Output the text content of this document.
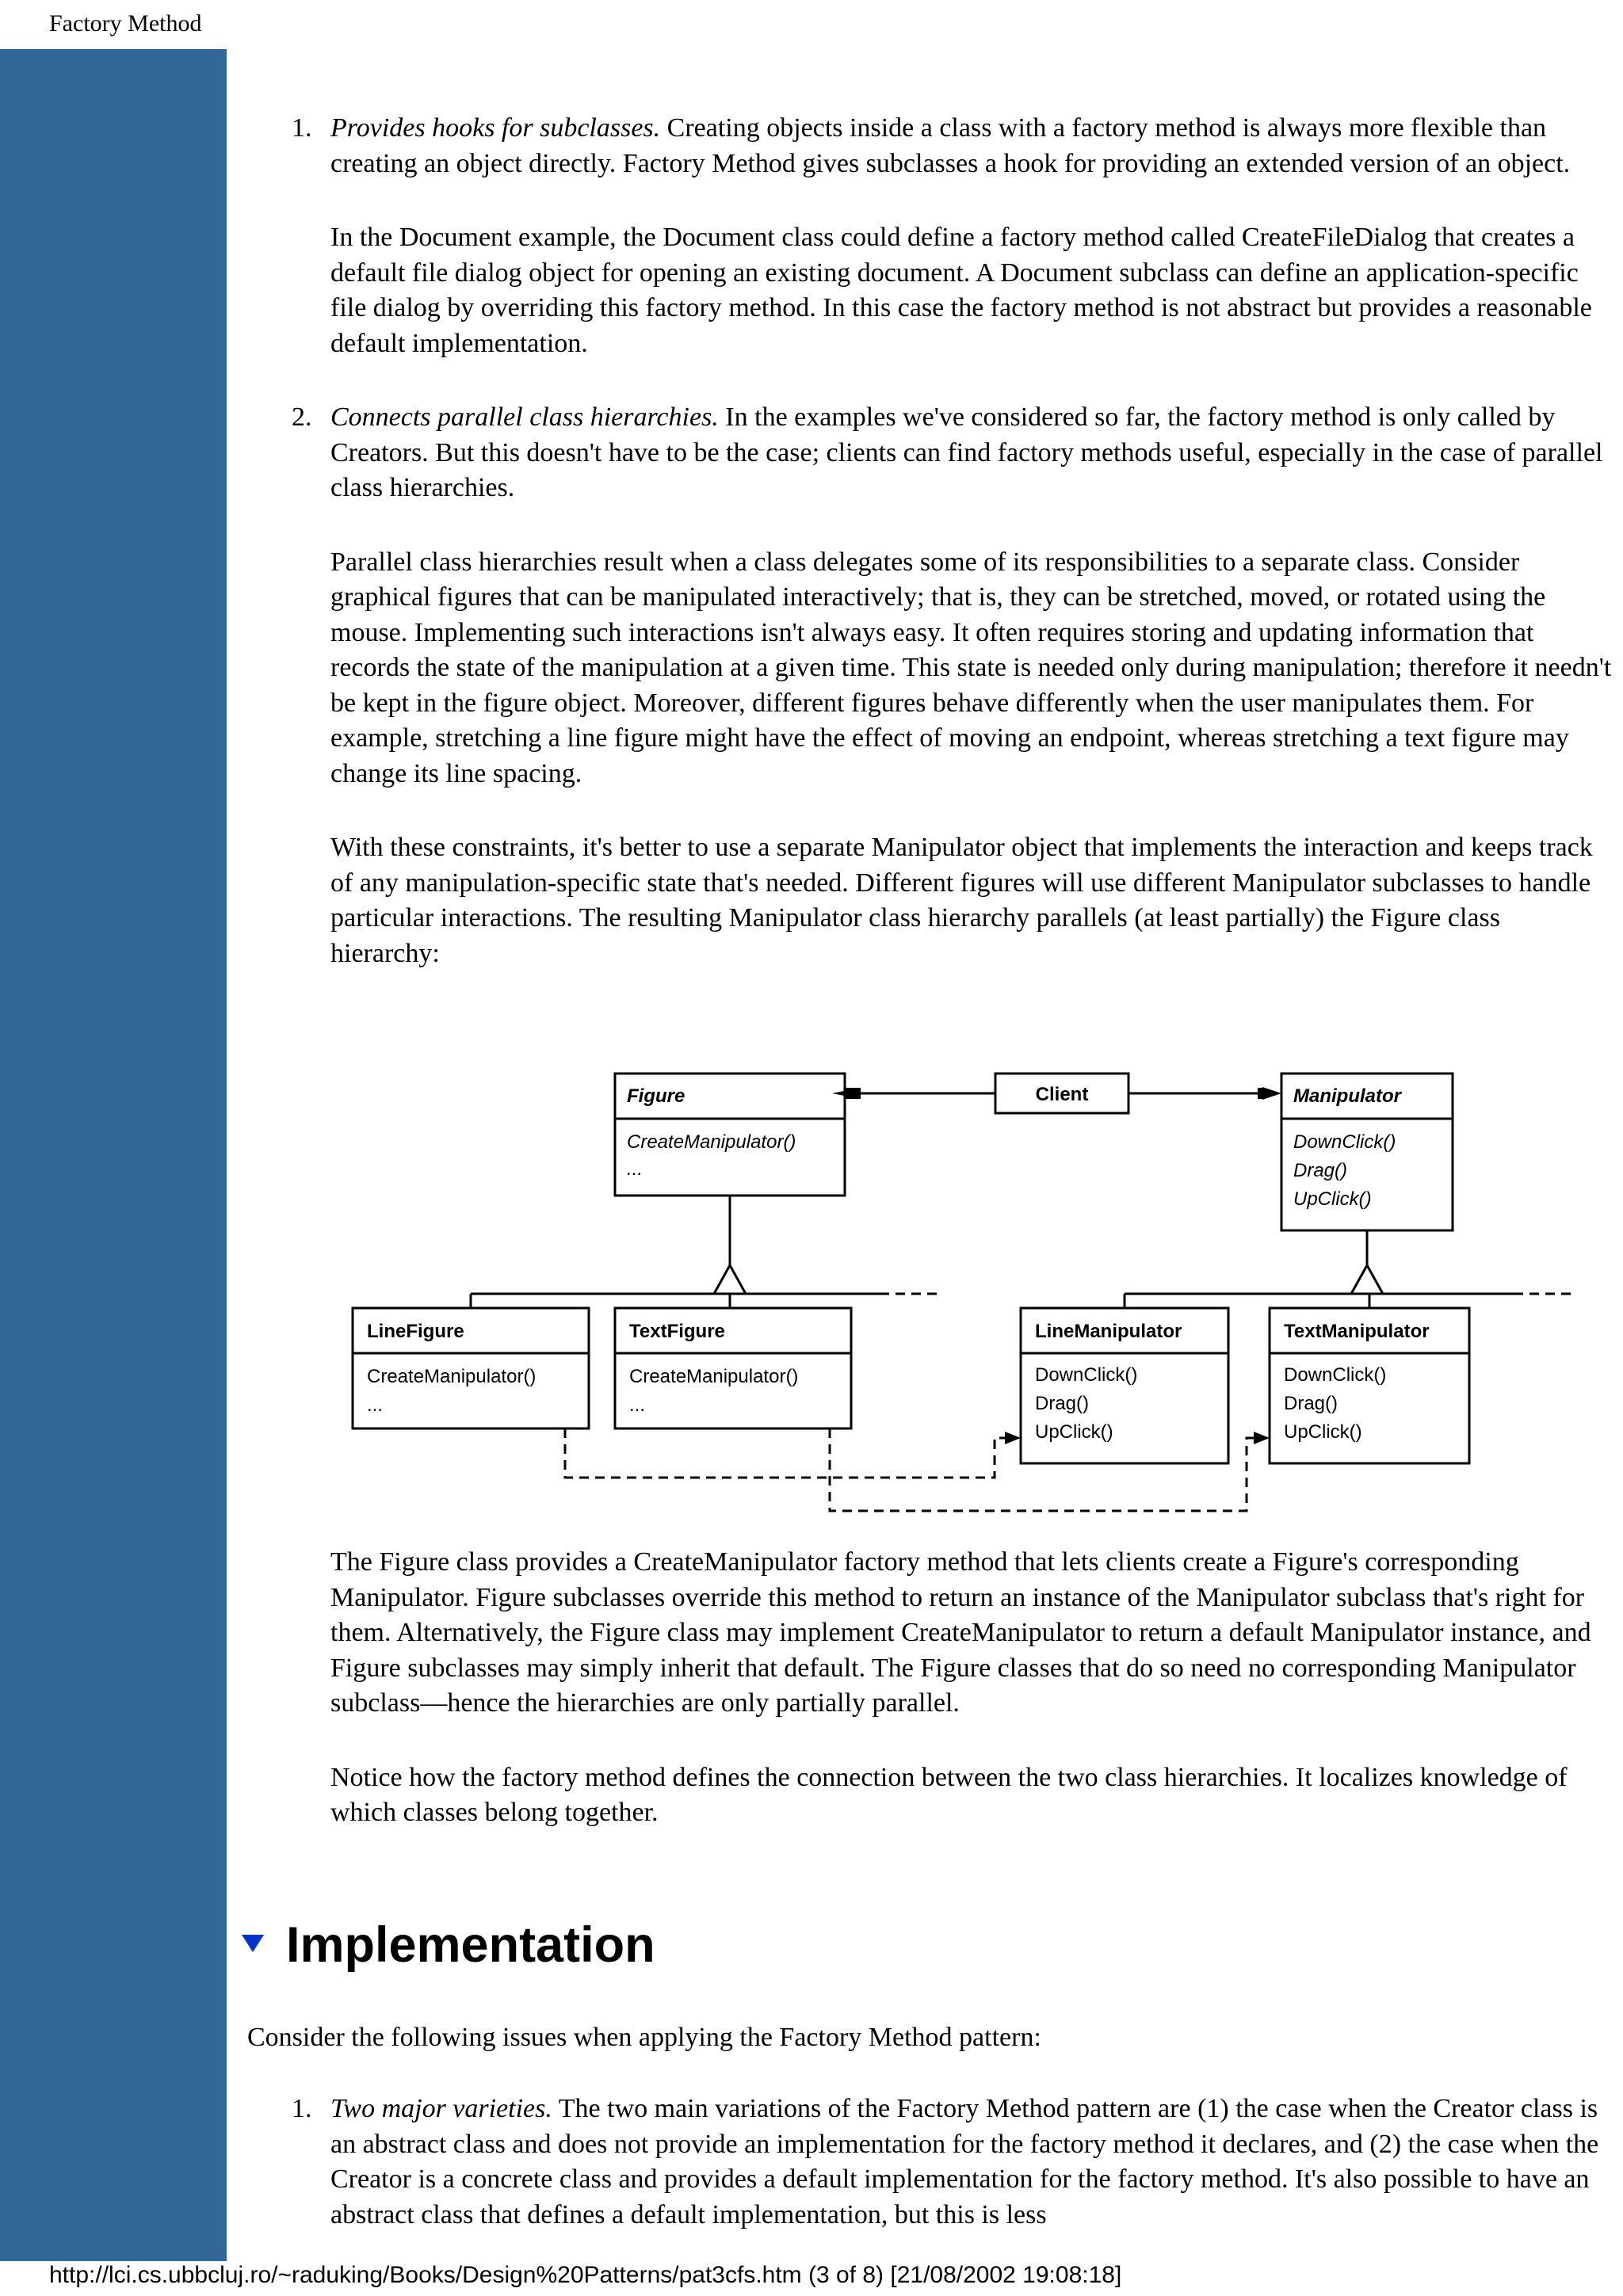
Factory Method
1. Provides hooks for subclasses. Creating objects inside a class with a factory method is always more flexible than creating an object directly. Factory Method gives subclasses a hook for providing an extended version of an object.

In the Document example, the Document class could define a factory method called CreateFileDialog that creates a default file dialog object for opening an existing document. A Document subclass can define an application-specific file dialog by overriding this factory method. In this case the factory method is not abstract but provides a reasonable default implementation.

2. Connects parallel class hierarchies. In the examples we've considered so far, the factory method is only called by Creators. But this doesn't have to be the case; clients can find factory methods useful, especially in the case of parallel class hierarchies.

Parallel class hierarchies result when a class delegates some of its responsibilities to a separate class. Consider graphical figures that can be manipulated interactively; that is, they can be stretched, moved, or rotated using the mouse. Implementing such interactions isn't always easy. It often requires storing and updating information that records the state of the manipulation at a given time. This state is needed only during manipulation; therefore it needn't be kept in the figure object. Moreover, different figures behave differently when the user manipulates them. For example, stretching a line figure might have the effect of moving an endpoint, whereas stretching a text figure may change its line spacing.

With these constraints, it's better to use a separate Manipulator object that implements the interaction and keeps track of any manipulation-specific state that's needed. Different figures will use different Manipulator subclasses to handle particular interactions. The resulting Manipulator class hierarchy parallels (at least partially) the Figure class hierarchy:

The Figure class provides a CreateManipulator factory method that lets clients create a Figure's corresponding Manipulator. Figure subclasses override this method to return an instance of the Manipulator subclass that's right for them. Alternatively, the Figure class may implement CreateManipulator to return a default Manipulator instance, and Figure subclasses may simply inherit that default. The Figure classes that do so need no corresponding Manipulator subclass—hence the hierarchies are only partially parallel.

Notice how the factory method defines the connection between the two class hierarchies. It localizes knowledge of which classes belong together.

Figure
CreateManipulator()
...
Client	Manipulator
DownClick()
Drag()
UpClick()
LineFigure
CreateManipulator()
...
TextFigure
CreateManipulator()
...
LineManipulator
DownClick()
Drag()
UpClick()
TextManipulator
DownClick()
Drag()
UpClick()
Implementation
Consider the following issues when applying the Factory Method pattern:
1. Two major varieties. The two main variations of the Factory Method pattern are (1) the case when the Creator class is an abstract class and does not provide an implementation for the factory method it declares, and (2) the case when the Creator is a concrete class and provides a default implementation for the factory method. It's also possible to have an abstract class that defines a default implementation, but this is less

http://lci.cs.ubbcluj.ro/~raduking/Books/Design%20Patterns/pat3cfs.htm (3 of 8) [21/08/2002 19:08:18]
